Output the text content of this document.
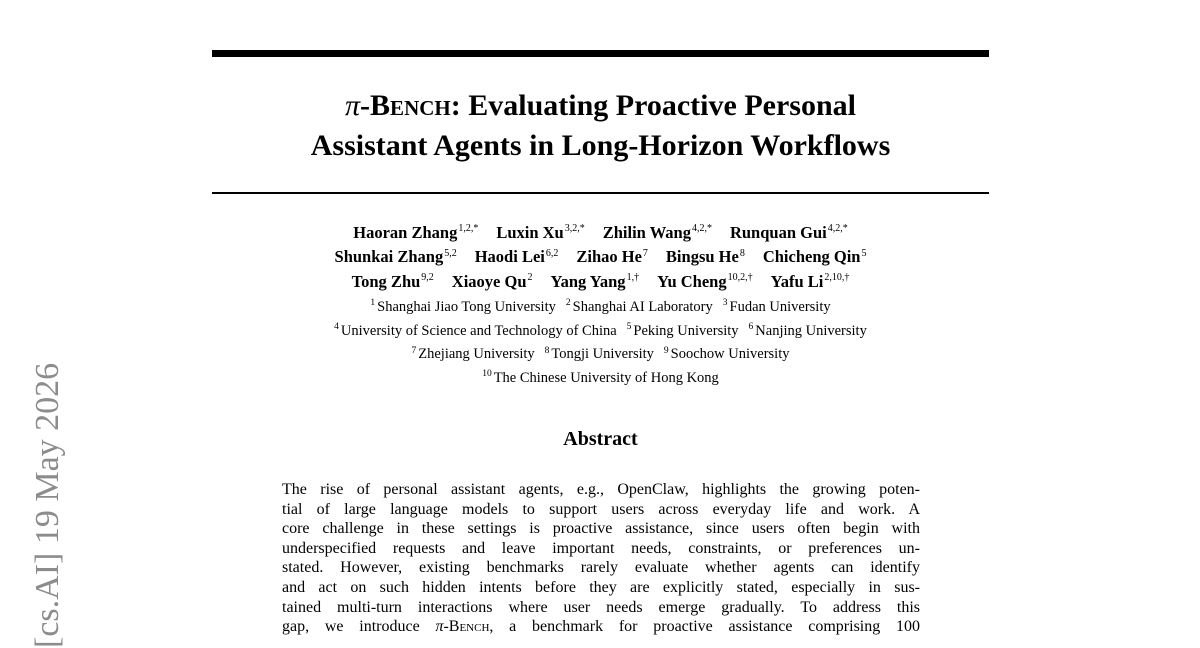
π-Bench: Evaluating Proactive Personal
Assistant Agents in Long-Horizon Workflows
Haoran Zhang$^{1,2,*}$ Luxin $Xu^{3,2,*}$ Zhilin Wang$^{4,2,*}$ Runquan Gui$^{4,2,*}$
Shunkai Zhang$^{5,2}$ Haodi Lei$^{6,2}$ Zihao He$^7$ Bingsu He$^8$ Chicheng Qin$^5$
Tong Zhu$^{9,2}$ Xiaoye Qu$^2$ Yang Yang$^{1,\dagger}$ Yu Cheng$^{10,2,\dagger}$ Yafu $Li^{2,10,\dagger}$
$^1$ Shanghai Jiao Tong University $^2$ Shanghai AI Laboratory $^3$ Fudan University
$^4$ University of Science and Technology of China $^5$ Peking University $^6$ Nanjing University
$^7$ Zhejiang University $^8$ Tongji University $^9$ Soochow University
$^{10}$ The Chinese University of Hong Kong
Abstract
The rise of personal assistant agents, e.g., OpenClaw, highlights the growing poten-
tial of large language models to support users across everyday life and work. A
core challenge in these settings is proactive assistance, since users often begin with
underspecified requests and leave important needs, constraints, or preferences un-
stated. However, existing benchmarks rarely evaluate whether agents can identify
and act on such hidden intents before they are explicitly stated, especially in sus-
tained multi-turn interactions where user needs emerge gradually. To address this
gap, we introduce π-Bench, a benchmark for proactive assistance comprising 100
[cs.AI] 19 May 2026
